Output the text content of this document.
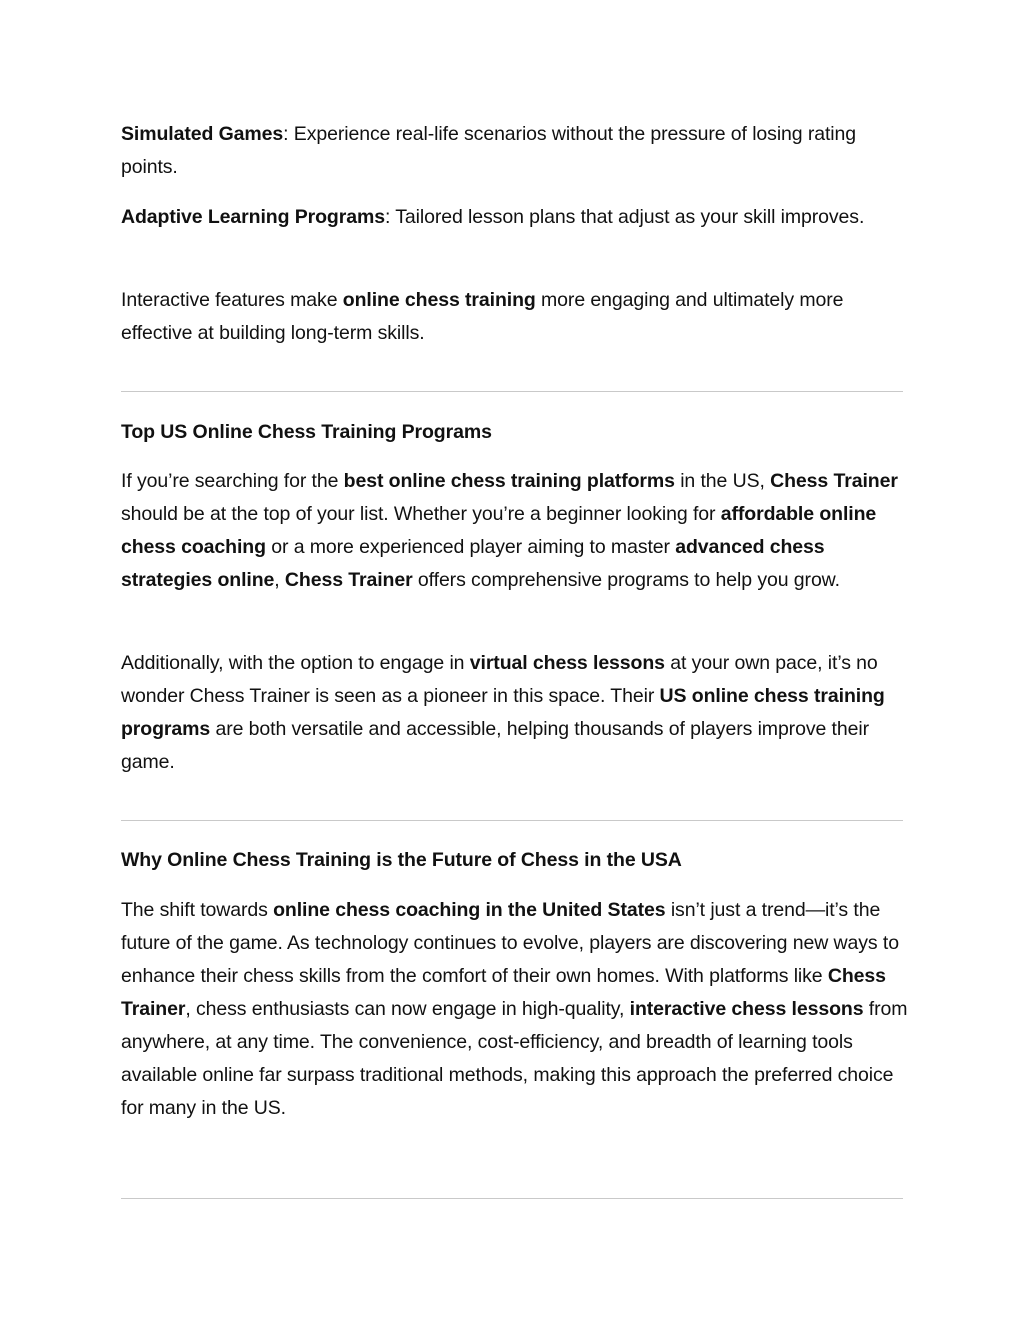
Simulated Games: Experience real-life scenarios without the pressure of losing rating points.

Adaptive Learning Programs: Tailored lesson plans that adjust as your skill improves.

Interactive features make online chess training more engaging and ultimately more effective at building long-term skills.

Top US Online Chess Training Programs

If you’re searching for the best online chess training platforms in the US, Chess Trainer should be at the top of your list. Whether you’re a beginner looking for affordable online chess coaching or a more experienced player aiming to master advanced chess strategies online, Chess Trainer offers comprehensive programs to help you grow.

Additionally, with the option to engage in virtual chess lessons at your own pace, it’s no wonder Chess Trainer is seen as a pioneer in this space. Their US online chess training programs are both versatile and accessible, helping thousands of players improve their game.

Why Online Chess Training is the Future of Chess in the USA

The shift towards online chess coaching in the United States isn’t just a trend—it’s the future of the game. As technology continues to evolve, players are discovering new ways to enhance their chess skills from the comfort of their own homes. With platforms like Chess Trainer, chess enthusiasts can now engage in high-quality, interactive chess lessons from anywhere, at any time. The convenience, cost-efficiency, and breadth of learning tools available online far surpass traditional methods, making this approach the preferred choice for many in the US.
